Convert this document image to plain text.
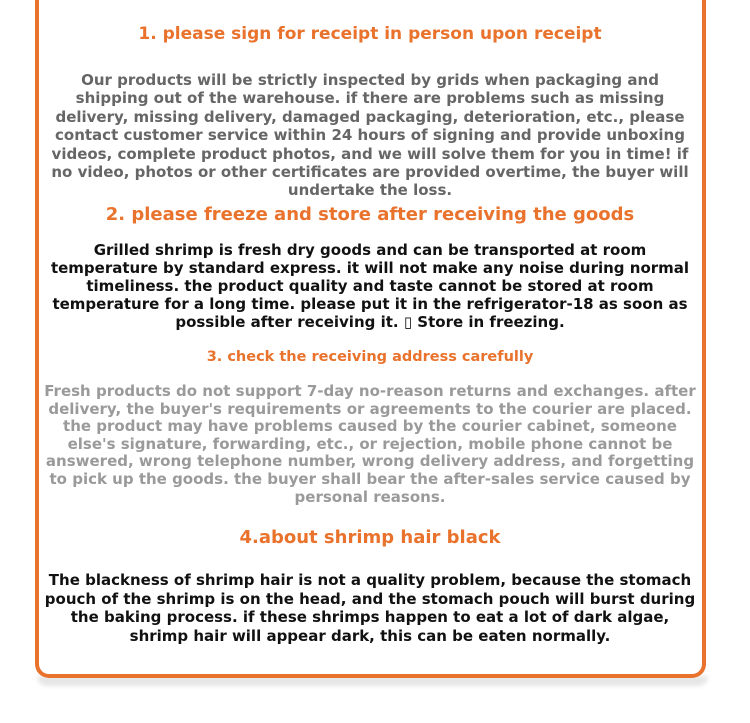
1. please sign for receipt in person upon receipt

Our products will be strictly inspected by grids when packaging and shipping out of the warehouse. if there are problems such as missing delivery, missing delivery, damaged packaging, deterioration, etc., please contact customer service within 24 hours of signing and provide unboxing videos, complete product photos, and we will solve them for you in time! if no video, photos or other certificates are provided overtime, the buyer will undertake the loss.

2. please freeze and store after receiving the goods

Grilled shrimp is fresh dry goods and can be transported at room temperature by standard express. it will not make any noise during normal timeliness. the product quality and taste cannot be stored at room temperature for a long time. please put it in the refrigerator-18 as soon as possible after receiving it. ▯ Store in freezing.

3. check the receiving address carefully

Fresh products do not support 7-day no-reason returns and exchanges. after delivery, the buyer's requirements or agreements to the courier are placed. the product may have problems caused by the courier cabinet, someone else's signature, forwarding, etc., or rejection, mobile phone cannot be answered, wrong telephone number, wrong delivery address, and forgetting to pick up the goods. the buyer shall bear the after-sales service caused by personal reasons.

4.about shrimp hair black

The blackness of shrimp hair is not a quality problem, because the stomach pouch of the shrimp is on the head, and the stomach pouch will burst during the baking process. if these shrimps happen to eat a lot of dark algae, shrimp hair will appear dark, this can be eaten normally.
